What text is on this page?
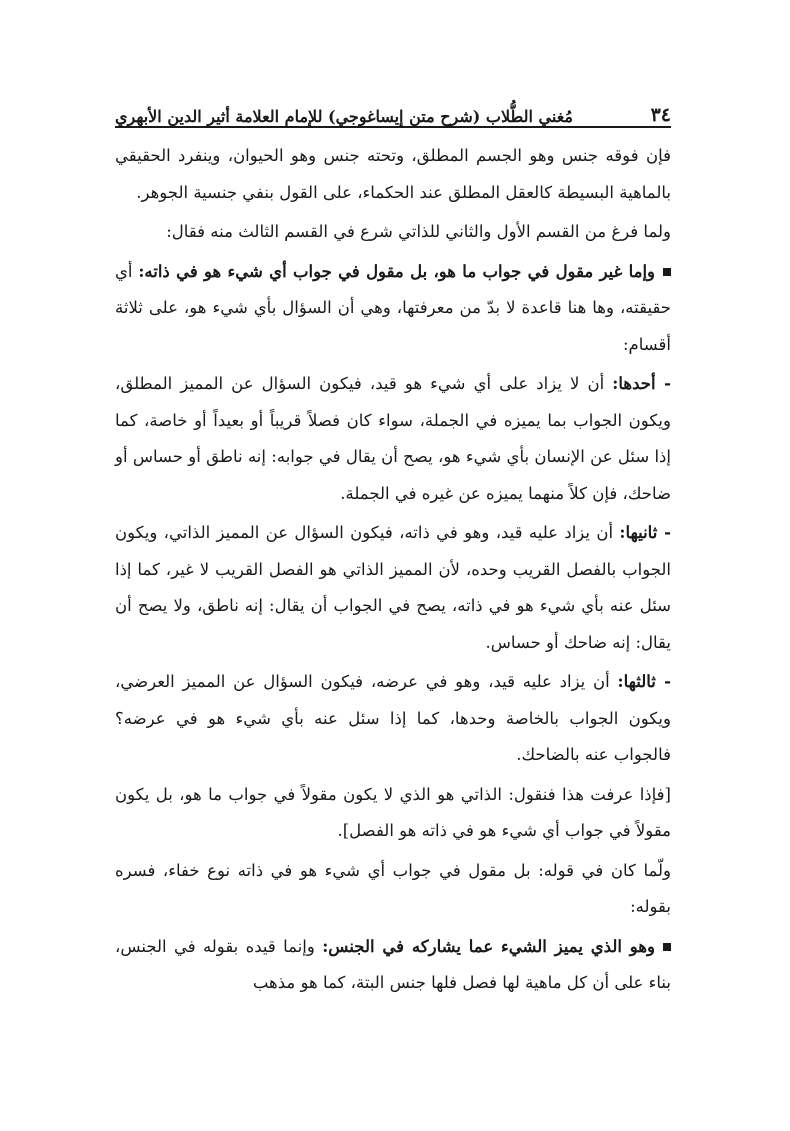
٣٤
مُغني الطُّلاب (شرح متن إيساغوجي) للإمام العلامة أثير الدين الأبهري

فإن فوقه جنس وهو الجسم المطلق، وتحته جنس وهو الحيوان، وينفرد الحقيقي بالماهية البسيطة كالعقل المطلق عند الحكماء، على القول بنفي جنسية الجوهر.

ولما فرغ من القسم الأول والثاني للذاتي شرع في القسم الثالث منه فقال:

وإما غير مقول في جواب ما هو، بل مقول في جواب أي شيء هو في ذاته: أي حقيقته، وها هنا قاعدة لا بدّ من معرفتها، وهي أن السؤال بأي شيء هو، على ثلاثة أقسام:

- أحدها: أن لا يزاد على أي شيء هو قيد، فيكون السؤال عن المميز المطلق، ويكون الجواب بما يميزه في الجملة، سواء كان فصلاً قريباً أو بعيداً أو خاصة، كما إذا سئل عن الإنسان بأي شيء هو، يصح أن يقال في جوابه: إنه ناطق أو حساس أو ضاحك، فإن كلاً منهما يميزه عن غيره في الجملة.

- ثانيها: أن يزاد عليه قيد، وهو في ذاته، فيكون السؤال عن المميز الذاتي، ويكون الجواب بالفصل القريب وحده، لأن المميز الذاتي هو الفصل القريب لا غير، كما إذا سئل عنه بأي شيء هو في ذاته، يصح في الجواب أن يقال: إنه ناطق، ولا يصح أن يقال: إنه ضاحك أو حساس.

- ثالثها: أن يزاد عليه قيد، وهو في عرضه، فيكون السؤال عن المميز العرضي، ويكون الجواب بالخاصة وحدها، كما إذا سئل عنه بأي شيء هو في عرضه؟ فالجواب عنه بالضاحك.

[فإذا عرفت هذا فنقول: الذاتي هو الذي لا يكون مقولاً في جواب ما هو، بل يكون مقولاً في جواب أي شيء هو في ذاته هو الفصل].

ولّما كان في قوله: بل مقول في جواب أي شيء هو في ذاته نوع خفاء، فسره بقوله:

وهو الذي يميز الشيء عما يشاركه في الجنس: وإنما قيده بقوله في الجنس، بناء على أن كل ماهية لها فصل فلها جنس البتة، كما هو مذهب
